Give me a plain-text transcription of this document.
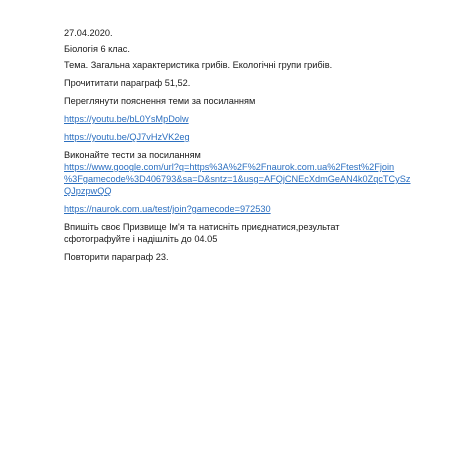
27.04.2020.

Біологія 6 клас.

Тема. Загальна характеристика грибів. Екологічні групи грибів.

Прочититати параграф 51,52.

Переглянути пояснення теми за посиланням

https://youtu.be/bL0YsMpDolw

https://youtu.be/QJ7vHzVK2eg

Виконайте тести за посиланням

https://www.google.com/url?q=https%3A%2F%2Fnaurok.com.ua%2Ftest%2Fjoin

%3Fgamecode%3D406793&sa=D&sntz=1&usg=AFQjCNEcXdmGeAN4k0ZqcTCySz

QJpzpwQQ

https://naurok.com.ua/test/join?gamecode=972530

Впишіть своє Призвище Ім'я та натисніть приєднатися,результат

сфотографуйте і надішліть до 04.05

Повторити параграф 23.
